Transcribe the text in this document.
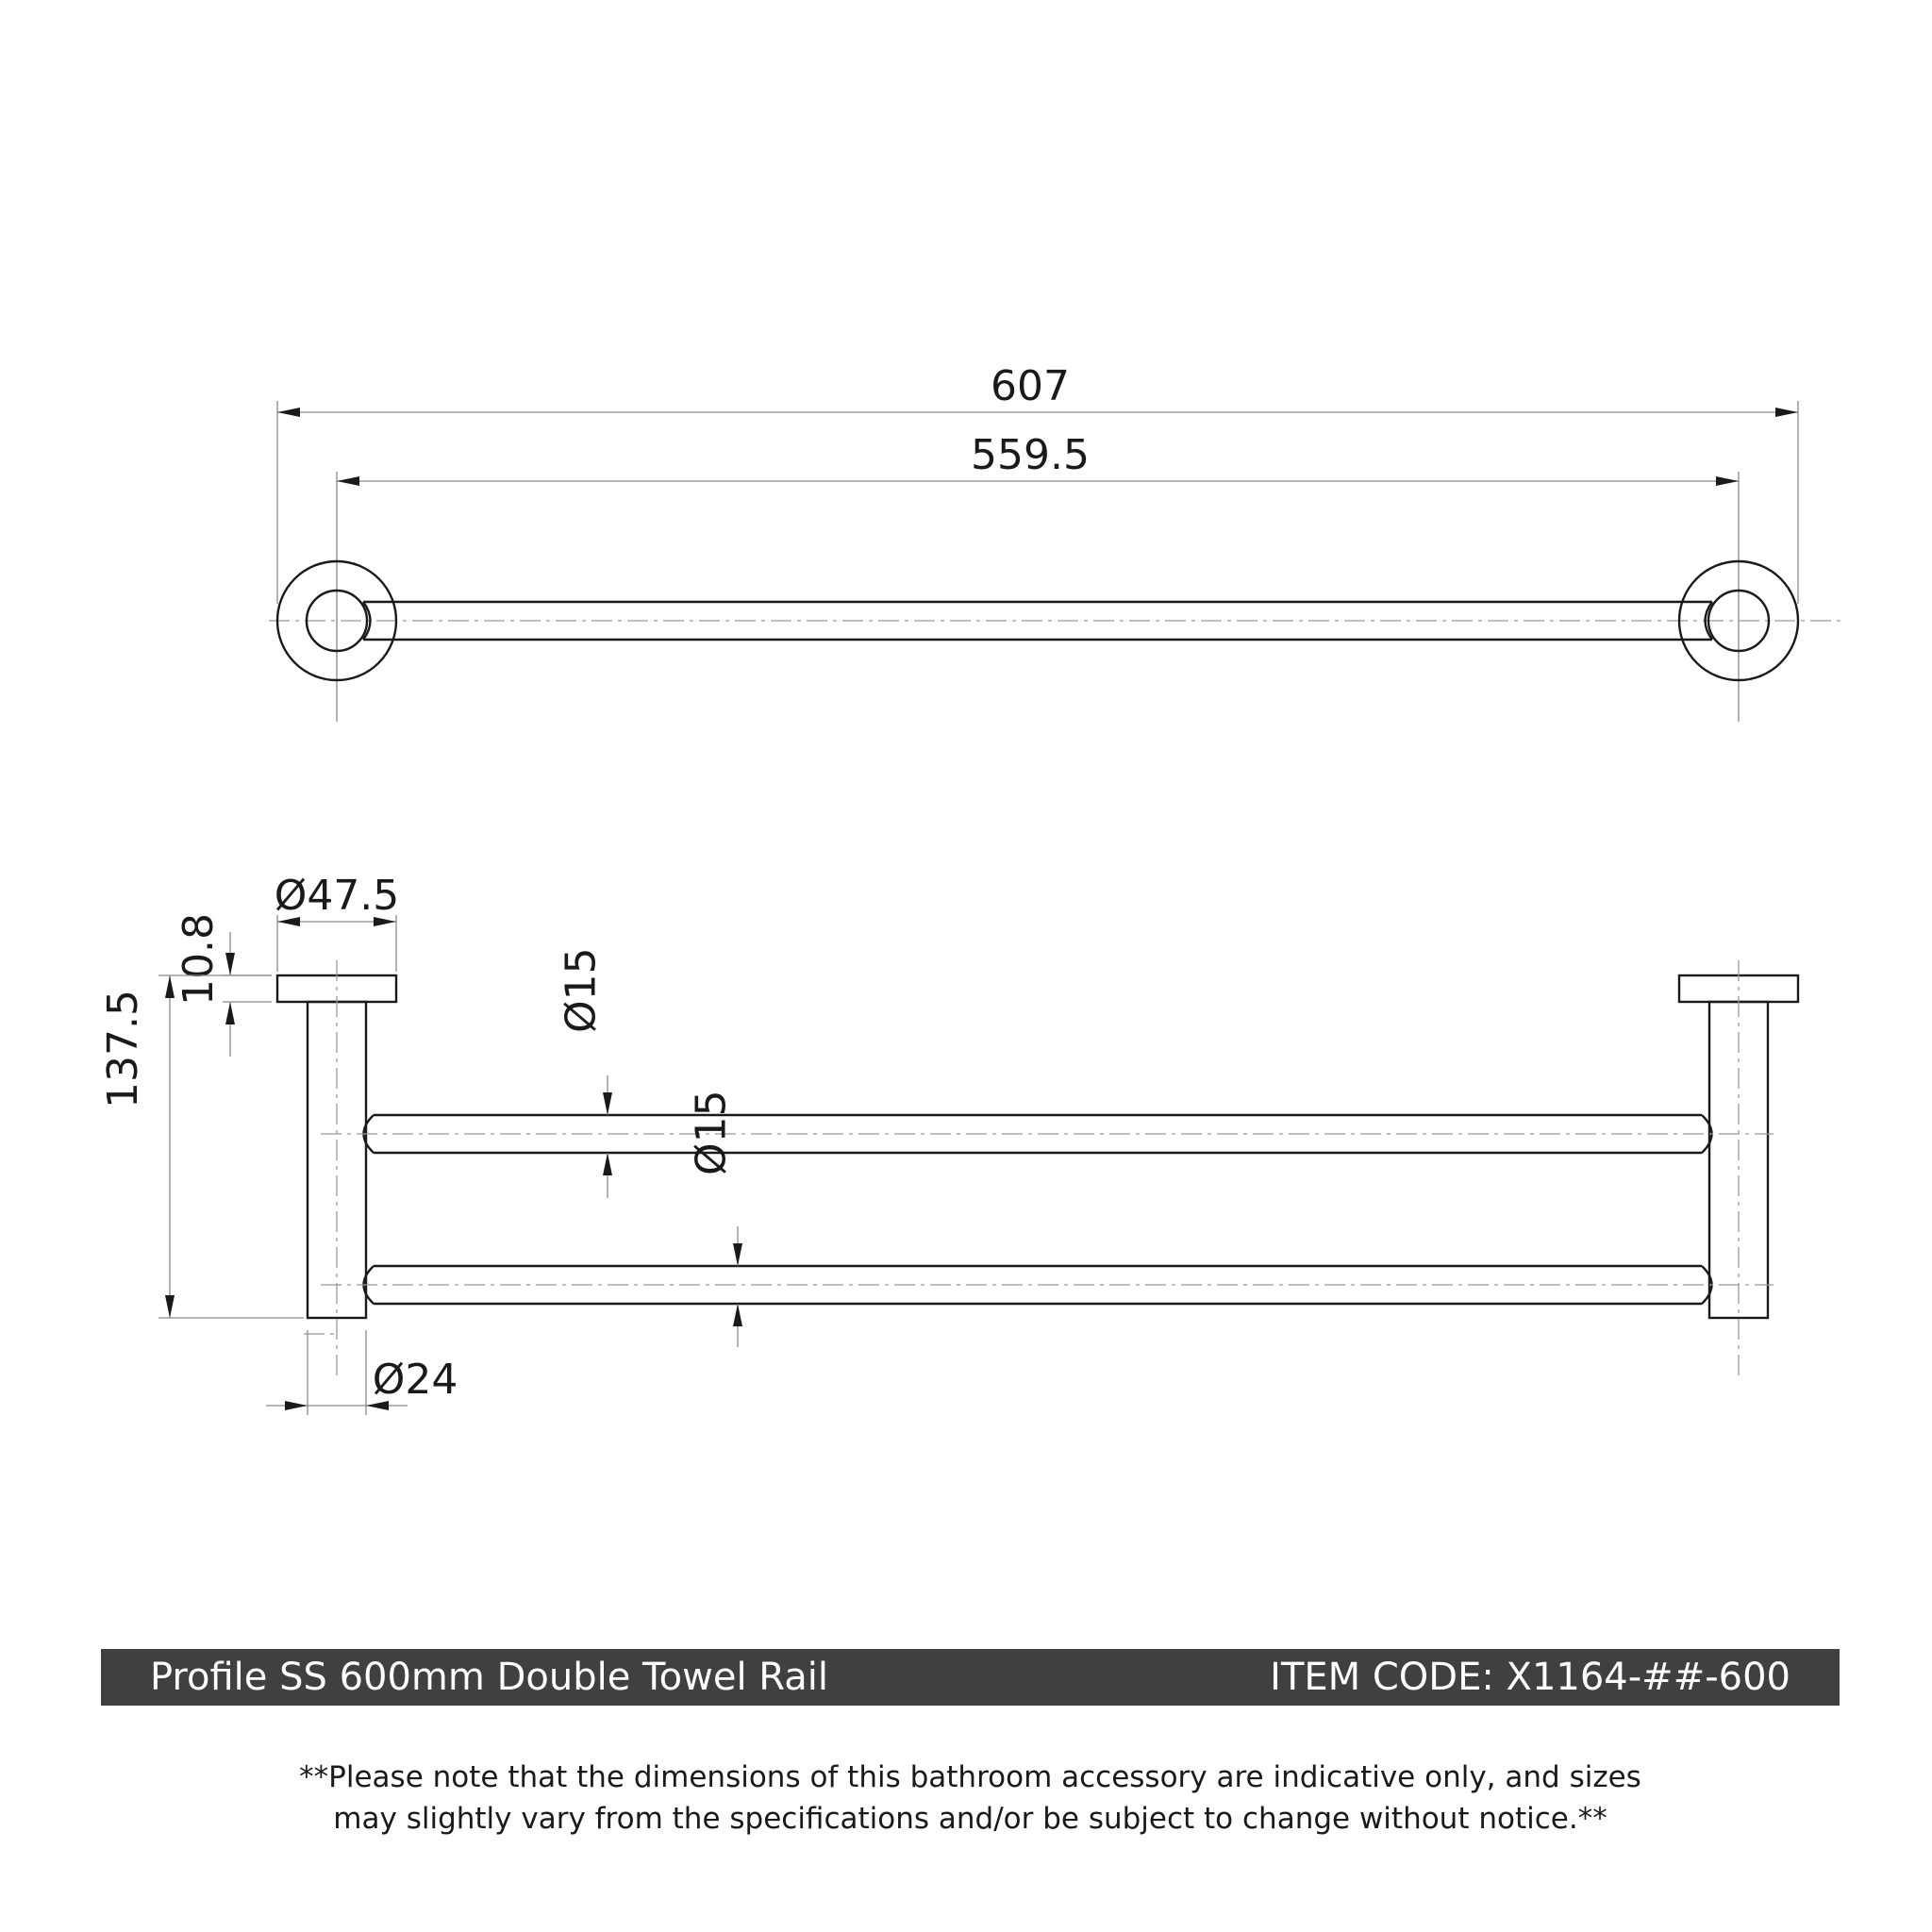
607
559.5
Ø47.5
10.8
137.5	Ø15
Ø15
Ø24
Profile SS 600mm Double Towel Rail	ITEM CODE: X1164-##-600
**Please note that the dimensions of this bathroom accessory are indicative only, and sizes
may slightly vary from the specifications and/or be subject to change without notice.**
